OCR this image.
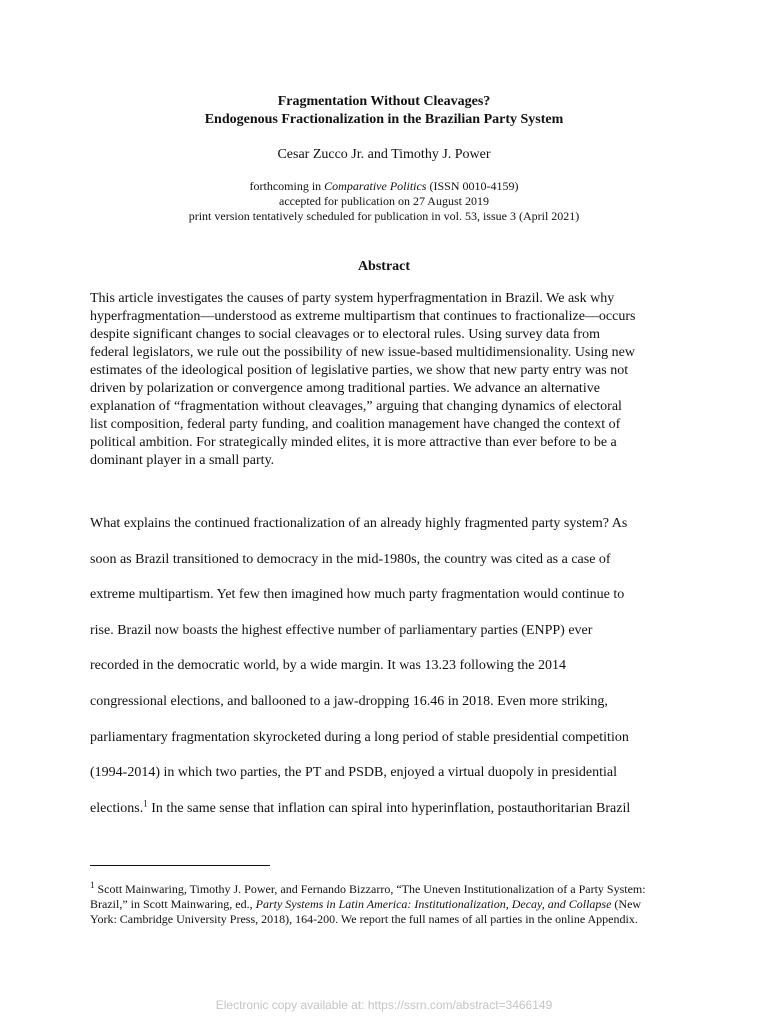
Fragmentation Without Cleavages?
Endogenous Fractionalization in the Brazilian Party System
Cesar Zucco Jr. and Timothy J. Power
forthcoming in Comparative Politics (ISSN 0010-4159)
accepted for publication on 27 August 2019
print version tentatively scheduled for publication in vol. 53, issue 3 (April 2021)
Abstract
This article investigates the causes of party system hyperfragmentation in Brazil. We ask why
hyperfragmentation—understood as extreme multipartism that continues to fractionalize—occurs
despite significant changes to social cleavages or to electoral rules. Using survey data from
federal legislators, we rule out the possibility of new issue-based multidimensionality. Using new
estimates of the ideological position of legislative parties, we show that new party entry was not
driven by polarization or convergence among traditional parties. We advance an alternative
explanation of “fragmentation without cleavages,” arguing that changing dynamics of electoral
list composition, federal party funding, and coalition management have changed the context of
political ambition. For strategically minded elites, it is more attractive than ever before to be a
dominant player in a small party.
What explains the continued fractionalization of an already highly fragmented party system? As
soon as Brazil transitioned to democracy in the mid-1980s, the country was cited as a case of
extreme multipartism. Yet few then imagined how much party fragmentation would continue to
rise. Brazil now boasts the highest effective number of parliamentary parties (ENPP) ever
recorded in the democratic world, by a wide margin. It was 13.23 following the 2014
congressional elections, and ballooned to a jaw-dropping 16.46 in 2018. Even more striking,
parliamentary fragmentation skyrocketed during a long period of stable presidential competition
(1994-2014) in which two parties, the PT and PSDB, enjoyed a virtual duopoly in presidential
elections.$^1$ In the same sense that inflation can spiral into hyperinflation, postauthoritarian Brazil
$^1$ Scott Mainwaring, Timothy J. Power, and Fernando Bizzarro, “The Uneven Institutionalization of a Party System:
Brazil,” in Scott Mainwaring, ed., Party Systems in Latin America: Institutionalization, Decay, and Collapse (New
York: Cambridge University Press, 2018), 164-200. We report the full names of all parties in the online Appendix.
Electronic copy available at: https://ssrn.com/abstract=3466149
